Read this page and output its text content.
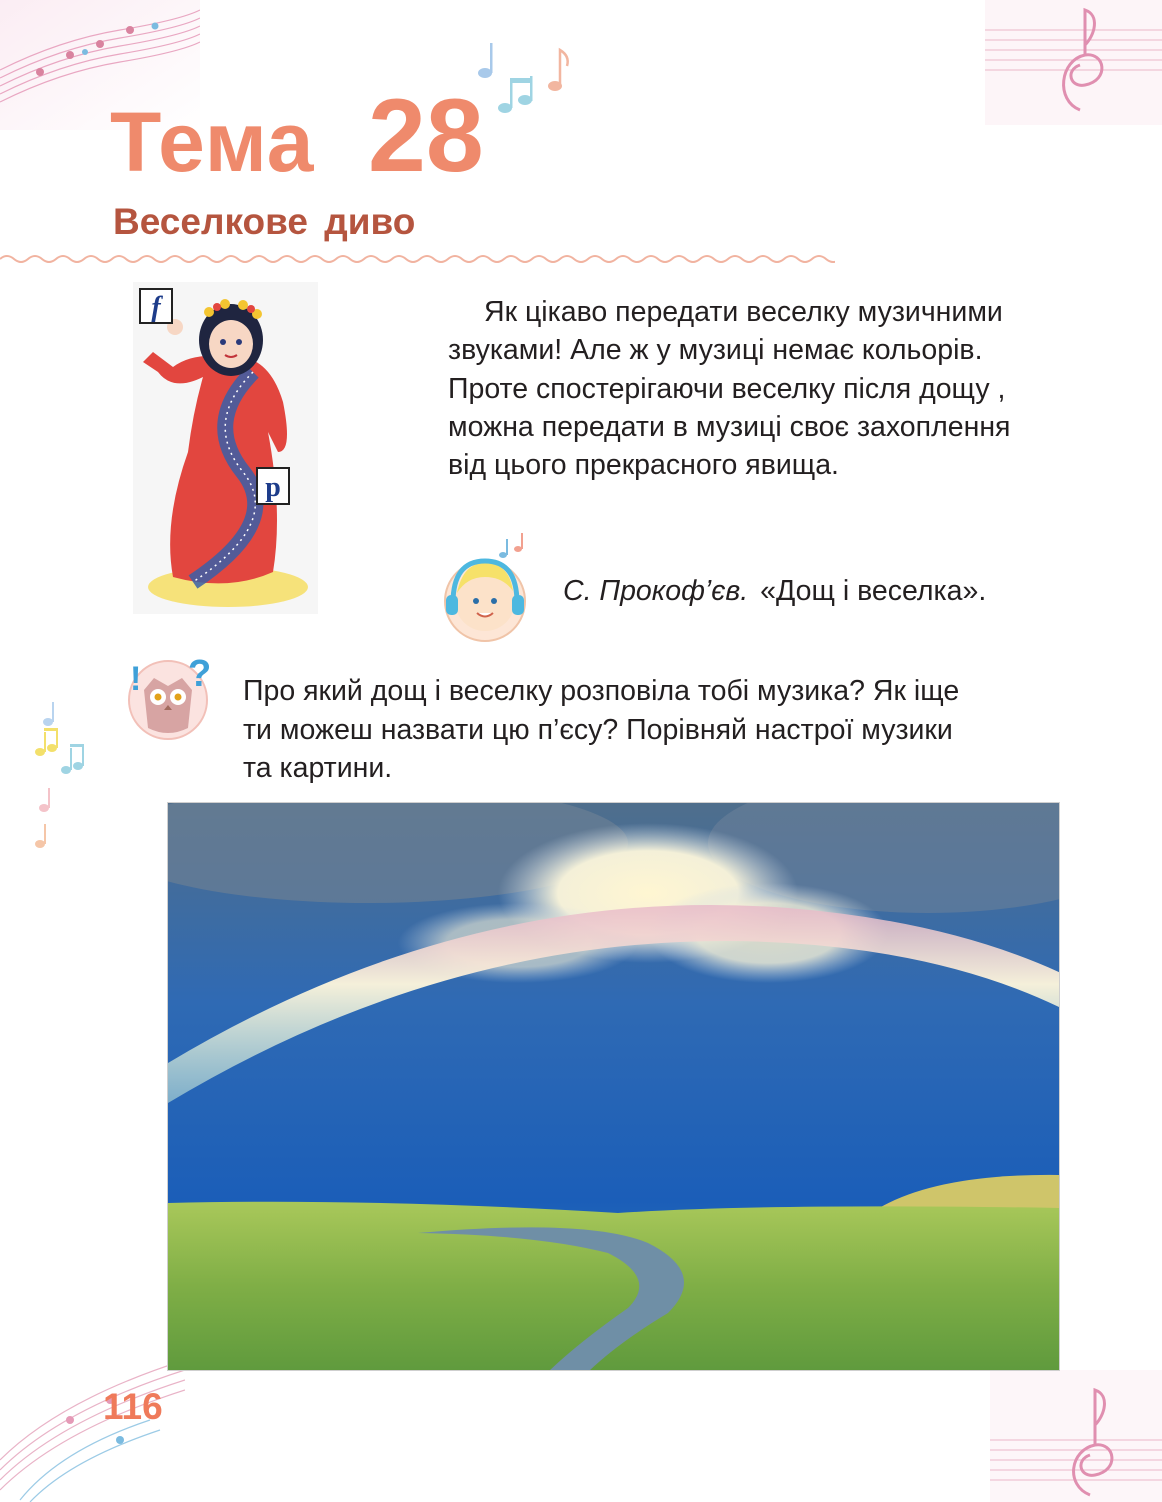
Тема 28
Веселкове диво
f
p
Як цікаво передати веселку музичними
звуками! Але ж у музиці немає кольорів.
Проте спостерігаючи веселку після дощу ,
можна передати в музиці своє захоплення
від цього прекрасного явища.
С. Прокоф’єв. «Дощ і веселка».
! ? Про який дощ і веселку розповіла тобі музика? Як іще
ти можеш назвати цю п’єсу? Порівняй настрої музики
та картини.
116
